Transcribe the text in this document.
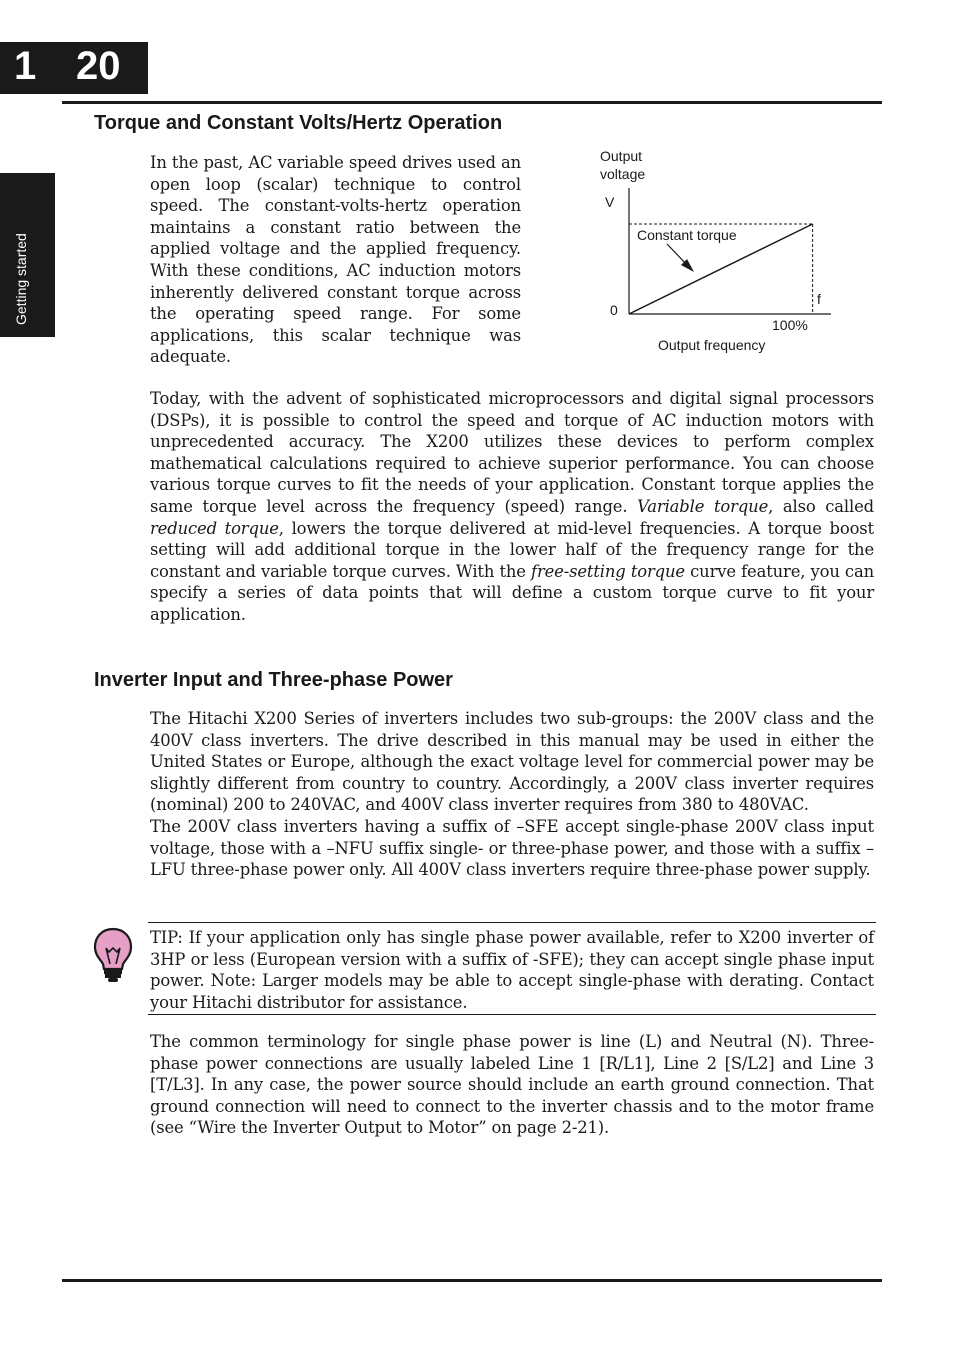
1 20
Getting started
Torque and Constant Volts/Hertz Operation

In the past, AC variable speed drives used an open loop (scalar) technique to control speed. The constant-volts-hertz operation maintains a constant ratio between the applied voltage and the applied frequency. With these conditions, AC induction motors inherently delivered constant torque across the operating speed range. For some applications, this scalar technique was adequate.

Output
voltage
V
0
f
100%
Output frequency
Constant torque

Today, with the advent of sophisticated microprocessors and digital signal processors (DSPs), it is possible to control the speed and torque of AC induction motors with unprecedented accuracy. The X200 utilizes these devices to perform complex mathematical calculations required to achieve superior performance. You can choose various torque curves to fit the needs of your application. Constant torque applies the same torque level across the frequency (speed) range. Variable torque, also called reduced torque, lowers the torque delivered at mid-level frequencies. A torque boost setting will add additional torque in the lower half of the frequency range for the constant and variable torque curves. With the free-setting torque curve feature, you can specify a series of data points that will define a custom torque curve to fit your application.

Inverter Input and Three-phase Power

The Hitachi X200 Series of inverters includes two sub-groups: the 200V class and the 400V class inverters. The drive described in this manual may be used in either the United States or Europe, although the exact voltage level for commercial power may be slightly different from country to country. Accordingly, a 200V class inverter requires (nominal) 200 to 240VAC, and 400V class inverter requires from 380 to 480VAC.

The 200V class inverters having a suffix of –SFE accept single-phase 200V class input voltage, those with a –NFU suffix single- or three-phase power, and those with a suffix –LFU three-phase power only. All 400V class inverters require three-phase power supply.

TIP: If your application only has single phase power available, refer to X200 inverter of 3HP or less (European version with a suffix of -SFE); they can accept single phase input power. Note: Larger models may be able to accept single-phase with derating. Contact your Hitachi distributor for assistance.

The common terminology for single phase power is line (L) and Neutral (N). Three-phase power connections are usually labeled Line 1 [R/L1], Line 2 [S/L2] and Line 3 [T/L3]. In any case, the power source should include an earth ground connection. That ground connection will need to connect to the inverter chassis and to the motor frame (see “Wire the Inverter Output to Motor” on page 2-21).
